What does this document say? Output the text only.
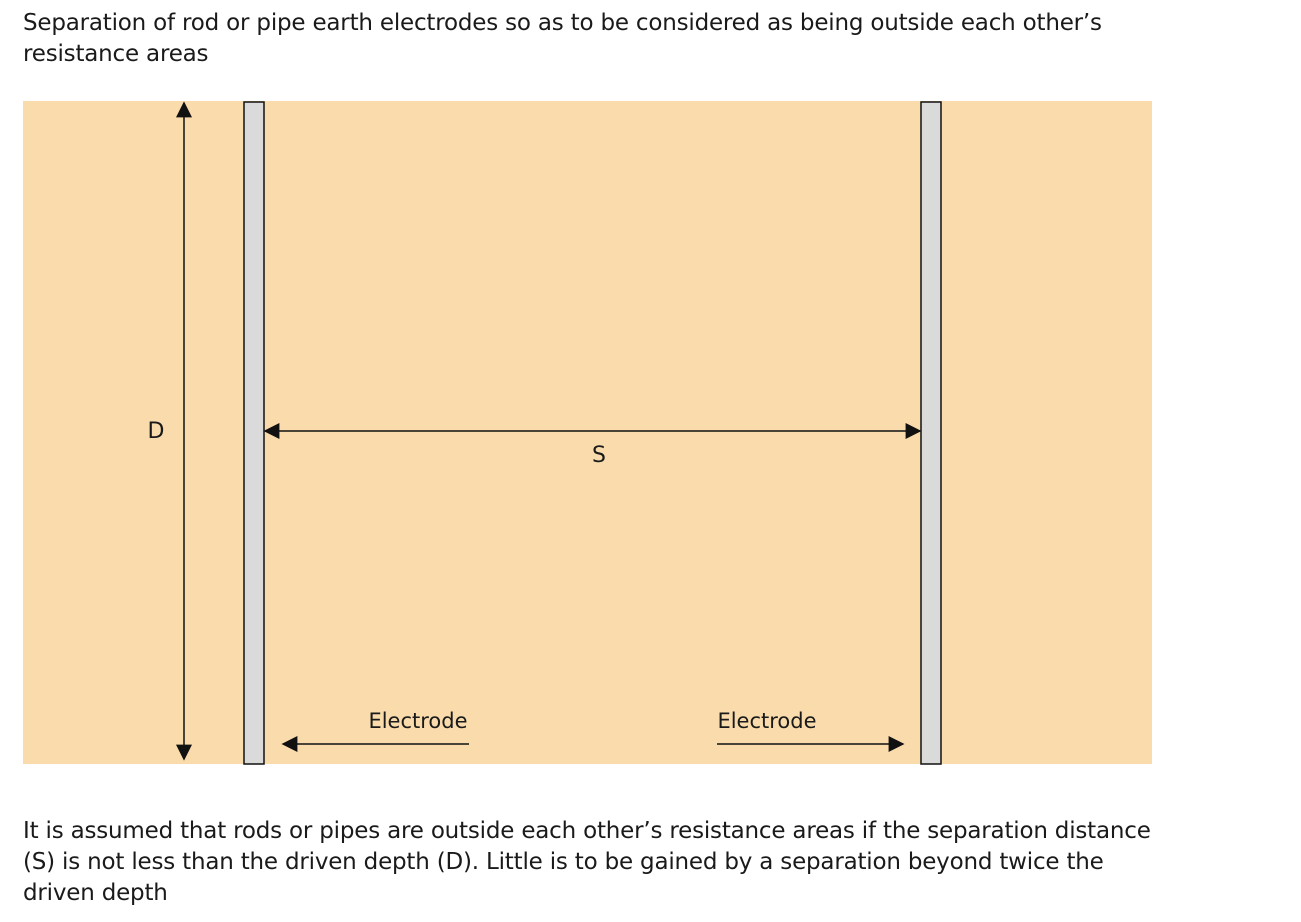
Separation of rod or pipe earth electrodes so as to be considered as being outside each other’s resistance areas
D
S
Electrode	Electrode
It is assumed that rods or pipes are outside each other’s resistance areas if the separation distance (S) is not less than the driven depth (D). Little is to be gained by a separation beyond twice the driven depth
